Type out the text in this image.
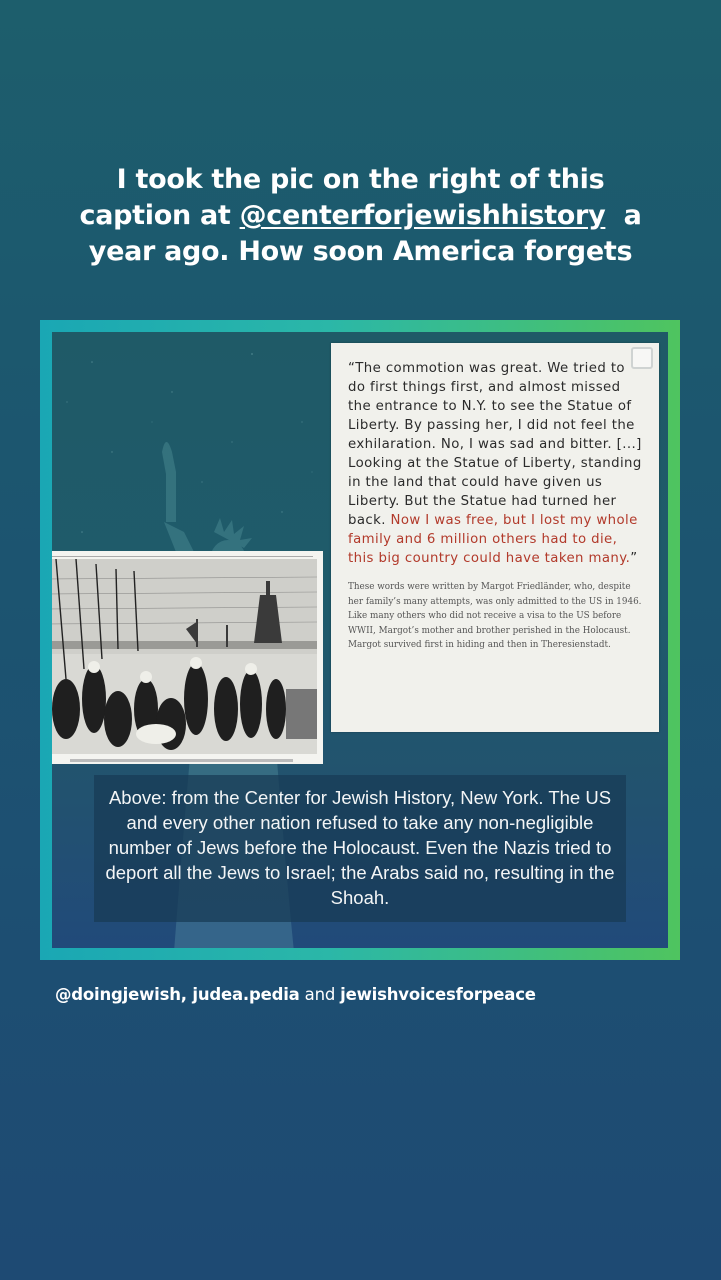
I took the pic on the right of this
caption at @centerforjewishhistory  a
year ago. How soon America forgets
“The commotion was great. We tried to do first things first, and almost missed the entrance to N.Y. to see the Statue of Liberty. By passing her, I did not feel the exhilaration. No, I was sad and bitter. [...] Looking at the Statue of Liberty, standing in the land that could have given us Liberty. But the Statue had turned her back. Now I was free, but I lost my whole family and 6 million others had to die, this big country could have taken many.”
These words were written by Margot Friedländer, who, despite her family’s many attempts, was only admitted to the US in 1946. Like many others who did not receive a visa to the US before WWII, Margot’s mother and brother perished in the Holocaust. Margot survived first in hiding and then in Theresienstadt.
Above: from the Center for Jewish History, New York. The US and every other nation refused to take any non-negligible number of Jews before the Holocaust. Even the Nazis tried to deport all the Jews to Israel; the Arabs said no, resulting in the Shoah.
@doingjewish, judea.pedia and jewishvoicesforpeace
